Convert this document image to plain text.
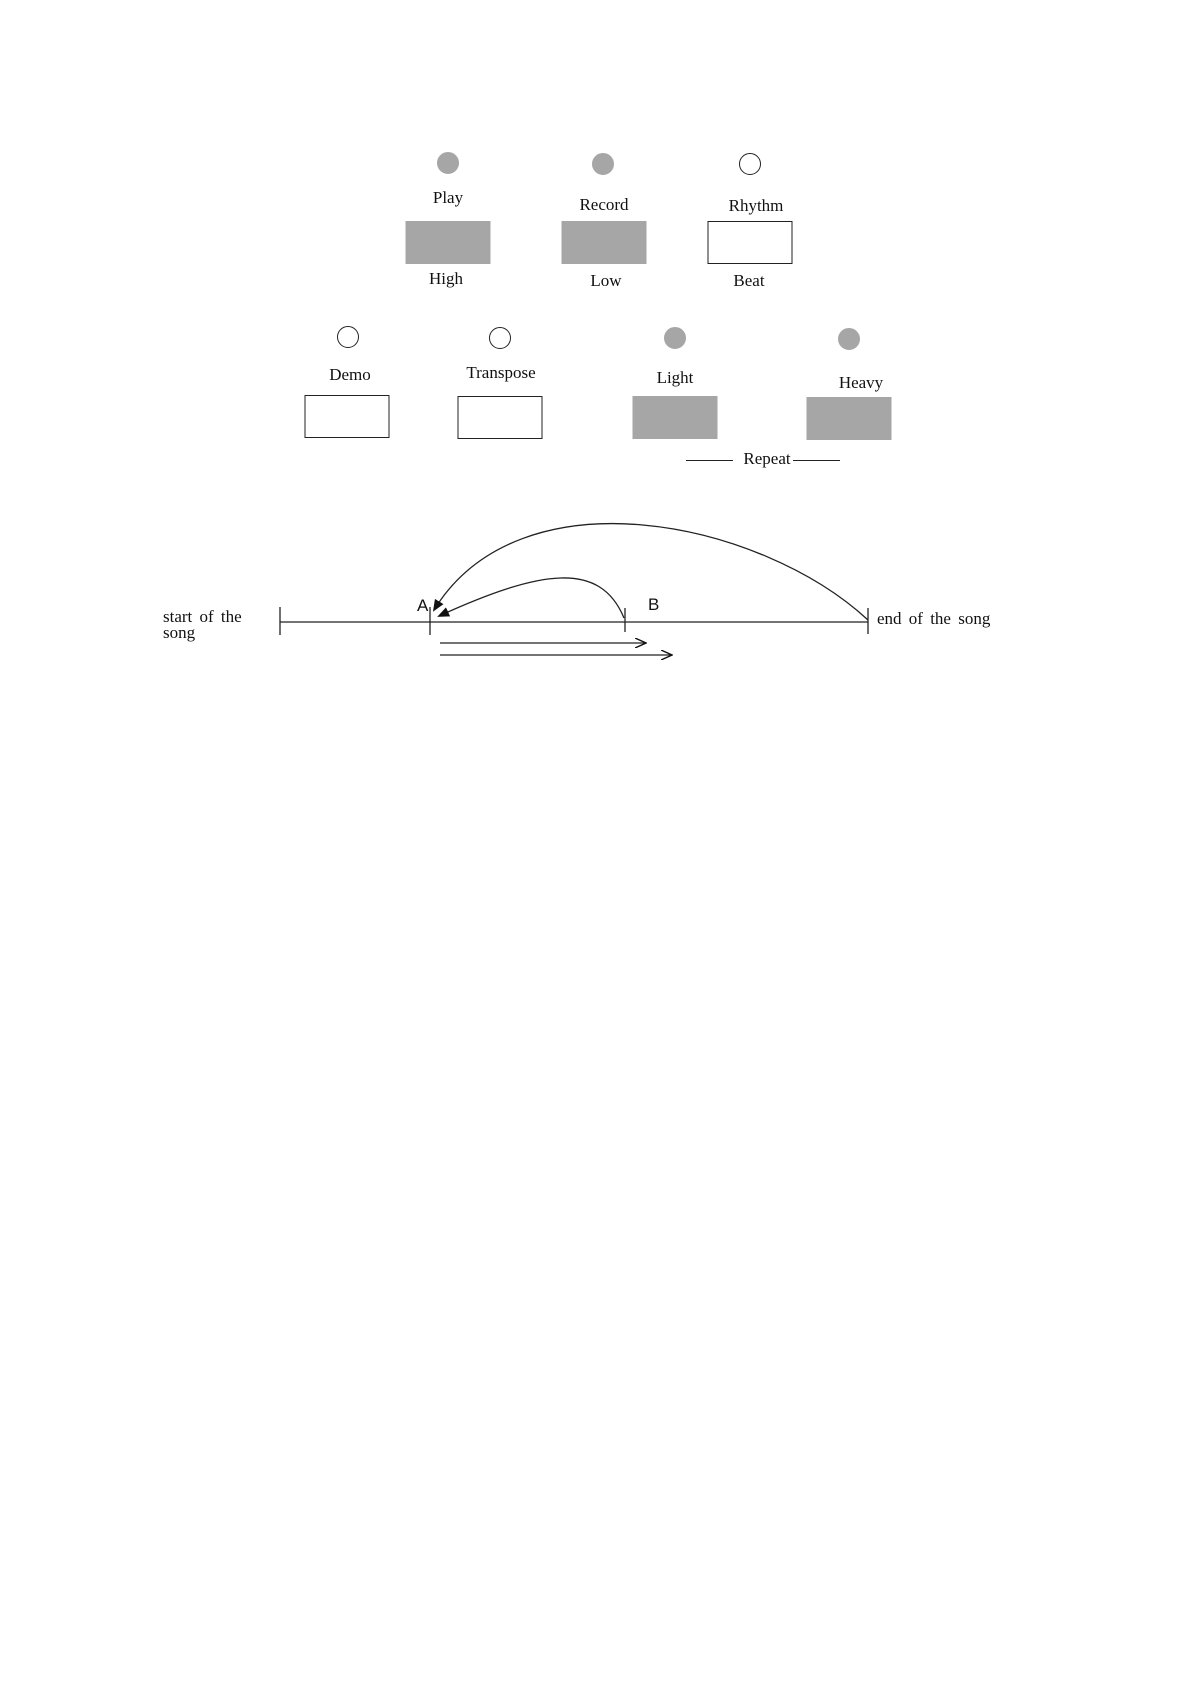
Play
High
Record
Low
Rhythm
Beat
Demo	Transpose	Light	Heavy
Repeat
start of the
song
end of the song
A	B
